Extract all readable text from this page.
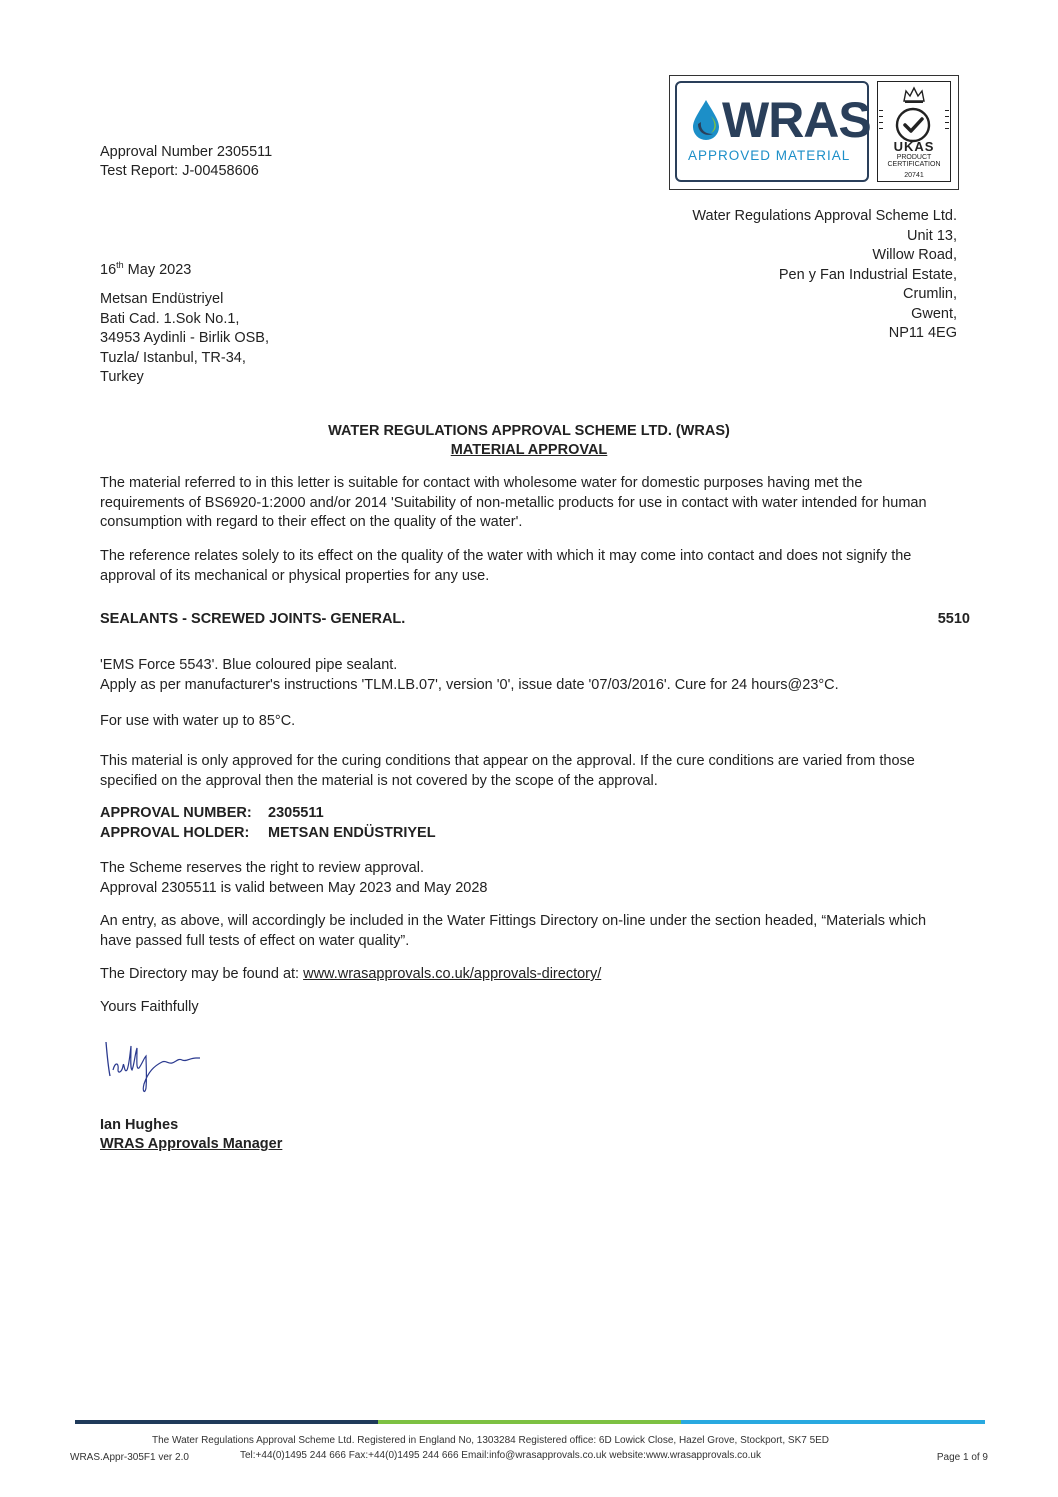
Approval Number 2305511
Test Report: J-00458606
WRAS
APPROVED MATERIAL
UKAS
PRODUCT
CERTIFICATION
20741
Water Regulations Approval Scheme Ltd.
Unit 13,
Willow Road,
Pen y Fan Industrial Estate,
Crumlin,
Gwent,
NP11 4EG
16th May 2023
Metsan Endüstriyel
Bati Cad. 1.Sok No.1,
34953 Aydinli - Birlik OSB,
Tuzla/ Istanbul, TR-34,
Turkey
WATER REGULATIONS APPROVAL SCHEME LTD. (WRAS)
MATERIAL APPROVAL
The material referred to in this letter is suitable for contact with wholesome water for domestic purposes having met the
requirements of BS6920-1:2000 and/or 2014 'Suitability of non-metallic products for use in contact with water intended for human
consumption with regard to their effect on the quality of the water'.
The reference relates solely to its effect on the quality of the water with which it may come into contact and does not signify the
approval of its mechanical or physical properties for any use.
SEALANTS - SCREWED JOINTS- GENERAL.	5510
'EMS Force 5543'. Blue coloured pipe sealant.
Apply as per manufacturer's instructions 'TLM.LB.07', version '0', issue date '07/03/2016'. Cure for 24 hours@23°C.
For use with water up to 85°C.
This material is only approved for the curing conditions that appear on the approval. If the cure conditions are varied from those
specified on the approval then the material is not covered by the scope of the approval.
APPROVAL NUMBER: 2305511
APPROVAL HOLDER: METSAN ENDÜSTRIYEL
The Scheme reserves the right to review approval.
Approval 2305511 is valid between May 2023 and May 2028
An entry, as above, will accordingly be included in the Water Fittings Directory on-line under the section headed, “Materials which
have passed full tests of effect on water quality”.
The Directory may be found at: www.wrasapprovals.co.uk/approvals-directory/
Yours Faithfully
Ian Hughes
WRAS Approvals Manager
The Water Regulations Approval Scheme Ltd. Registered in England No, 1303284 Registered office: 6D Lowick Close, Hazel Grove, Stockport, SK7 5ED
WRAS.Appr-305F1 ver 2.0	Tel:+44(0)1495 244 666 Fax:+44(0)1495 244 666 Email:info@wrasapprovals.co.uk website:www.wrasapprovals.co.uk	Page 1 of 9
